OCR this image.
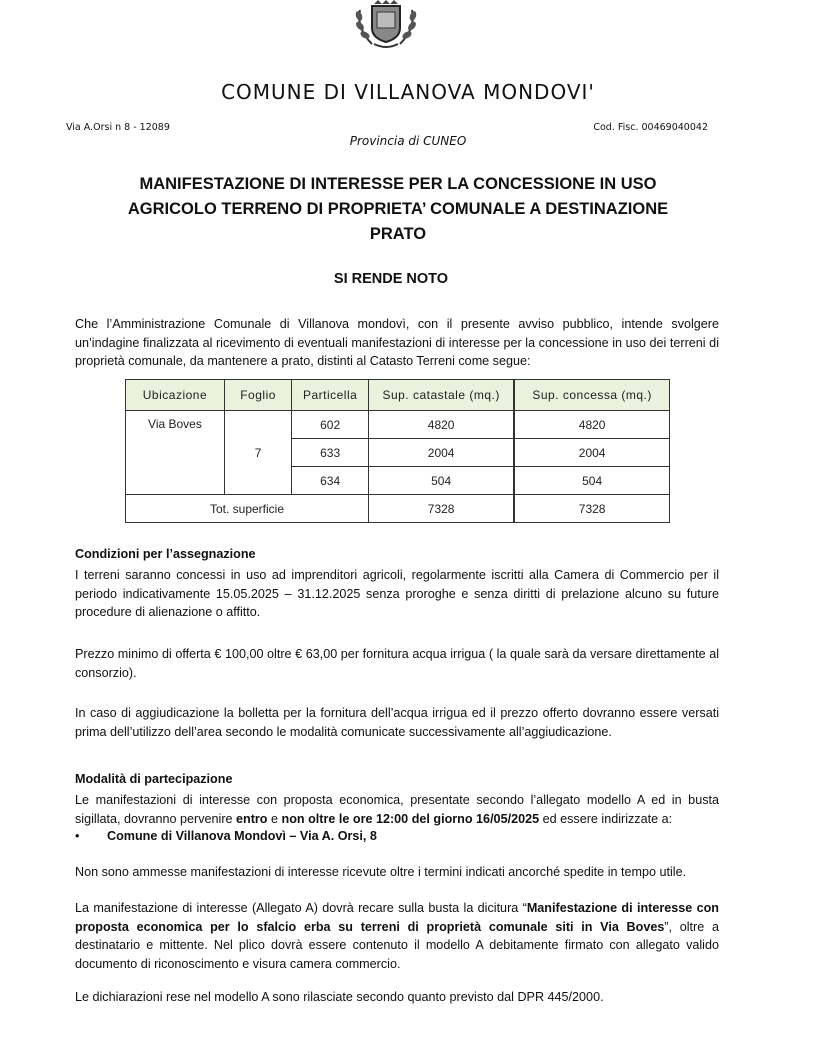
COMUNE DI VILLANOVA MONDOVI'
Via A.Orsi n 8 - 12089	Cod. Fisc. 00469040042
Provincia di CUNEO
MANIFESTAZIONE DI INTERESSE PER LA CONCESSIONE IN USO AGRICOLO TERRENO DI PROPRIETA’ COMUNALE A DESTINAZIONE PRATO
SI RENDE NOTO
Che l’Amministrazione Comunale di Villanova mondovì, con il presente avviso pubblico, intende svolgere un’indagine finalizzata al ricevimento di eventuali manifestazioni di interesse per la concessione in uso dei terreni di proprietà comunale, da mantenere a prato, distinti al Catasto Terreni come segue:
Ubicazione	Foglio	Particella	Sup. catastale (mq.)	Sup. concessa (mq.)
Via Boves	7	602	4820	4820
		633	2004	2004
		634	504	504
Tot. superficie			7328	7328
Condizioni per l’assegnazione
I terreni saranno concessi in uso ad imprenditori agricoli, regolarmente iscritti alla Camera di Commercio per il periodo indicativamente 15.05.2025 – 31.12.2025 senza proroghe e senza diritti di prelazione alcuno su future procedure di alienazione o affitto.
Prezzo minimo di offerta € 100,00 oltre € 63,00 per fornitura acqua irrigua ( la quale sarà da versare direttamente al consorzio).
In caso di aggiudicazione la bolletta per la fornitura dell’acqua irrigua ed il prezzo offerto dovranno essere versati prima dell’utilizzo dell’area secondo le modalità comunicate successivamente all’aggiudicazione.
Modalità di partecipazione
Le manifestazioni di interesse con proposta economica, presentate secondo l’allegato modello A ed in busta sigillata, dovranno pervenire entro e non oltre le ore 12:00 del giorno 16/05/2025 ed essere indirizzate a:
• Comune di Villanova Mondovì – Via A. Orsi, 8
Non sono ammesse manifestazioni di interesse ricevute oltre i termini indicati ancorché spedite in tempo utile.
La manifestazione di interesse (Allegato A) dovrà recare sulla busta la dicitura “Manifestazione di interesse con proposta economica per lo sfalcio erba su terreni di proprietà comunale siti in Via Boves”, oltre a destinatario e mittente. Nel plico dovrà essere contenuto il modello A debitamente firmato con allegato valido documento di riconoscimento e visura camera commercio.
Le dichiarazioni rese nel modello A sono rilasciate secondo quanto previsto dal DPR 445/2000.
